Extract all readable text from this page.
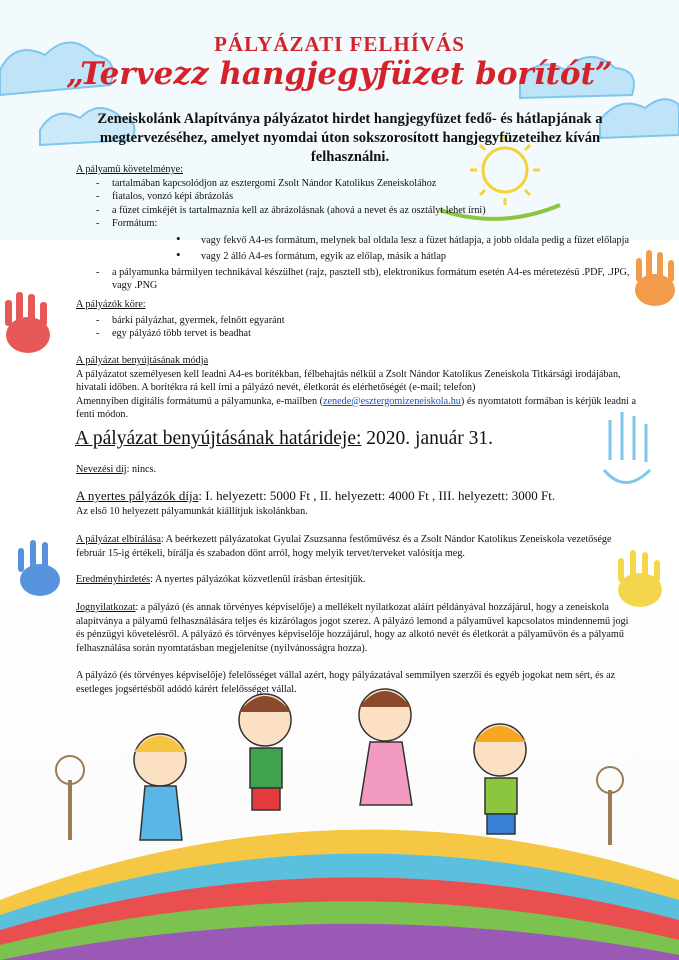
PÁLYÁZATI FELHÍVÁS
„Tervezz hangjegyfüzet borítót”
Zeneiskolánk Alapítványa pályázatot hirdet hangjegyfüzet fedő- és hátlapjának a megtervezéséhez, amelyet nyomdai úton sokszorosított hangjegyfüzeteihez kíván felhasználni.
A pályamű követelménye:
- tartalmában kapcsolódjon az esztergomi Zsolt Nándor Katolikus Zeneiskolához
- fiatalos, vonzó képi ábrázolás
- a füzet címkéjét is tartalmaznia kell az ábrázolásnak (ahová a nevet és az osztályt lehet írni)
- Formátum:
• vagy fekvő A4-es formátum, melynek bal oldala lesz a füzet hátlapja, a jobb oldala pedig a füzet előlapja
• vagy 2 álló A4-es formátum, egyik az előlap, másik a hátlap
- a pályamunka bármilyen technikával készülhet (rajz, pasztell stb), elektronikus formátum esetén A4-es méretezésű .PDF, .JPG, vagy .PNG
A pályázók köre:
- bárki pályázhat, gyermek, felnőtt egyaránt
- egy pályázó több tervet is beadhat
A pályázat benyújtásának módja
A pályázatot személyesen kell leadni A4-es borítékban, félbehajtás nélkül a Zsolt Nándor Katolikus Zeneiskola Titkársági irodájában, hivatali időben. A borítékra rá kell írni a pályázó nevét, életkorát és elérhetőségét (e-mail; telefon)
Amennyiben digitális formátumú a pályamunka, e-mailben (zenede@esztergomizeneiskola.hu) és nyomtatott formában is kérjük leadni a fenti módon.
A pályázat benyújtásának határideje: 2020. január 31.
Nevezési díj: nincs.
A nyertes pályázók díja: I. helyezett: 5000 Ft , II. helyezett: 4000 Ft , III. helyezett: 3000 Ft.
Az első 10 helyezett pályamunkát kiállítjuk iskolánkban.
A pályázat elbírálása: A beérkezett pályázatokat Gyulai Zsuzsanna festőművész és a Zsolt Nándor Katolikus Zeneiskola vezetősége február 15-ig értékeli, bírálja és szabadon dönt arról, hogy melyik tervet/terveket valósítja meg.
Eredményhirdetés: A nyertes pályázókat közvetlenül írásban értesítjük.
Jognyilatkozat: a pályázó (és annak törvényes képviselője) a mellékelt nyilatkozat aláírt példányával hozzájárul, hogy a zeneiskola alapítványa a pályamű felhasználására teljes és kizárólagos jogot szerez. A pályázó lemond a pályaművel kapcsolatos mindennemű jogi és pénzügyi követelésről. A pályázó és törvényes képviselője hozzájárul, hogy az alkotó nevét és életkorát a pályaművön és a pályamű felhasználása során nyomtatásban megjelenítse (nyilvánosságra hozza).
A pályázó (és törvényes képviselője) felelősséget vállal azért, hogy pályázatával semmilyen szerzői és egyéb jogokat nem sért, és az esetleges jogsértésből adódó kárért felelősséget vállal.
